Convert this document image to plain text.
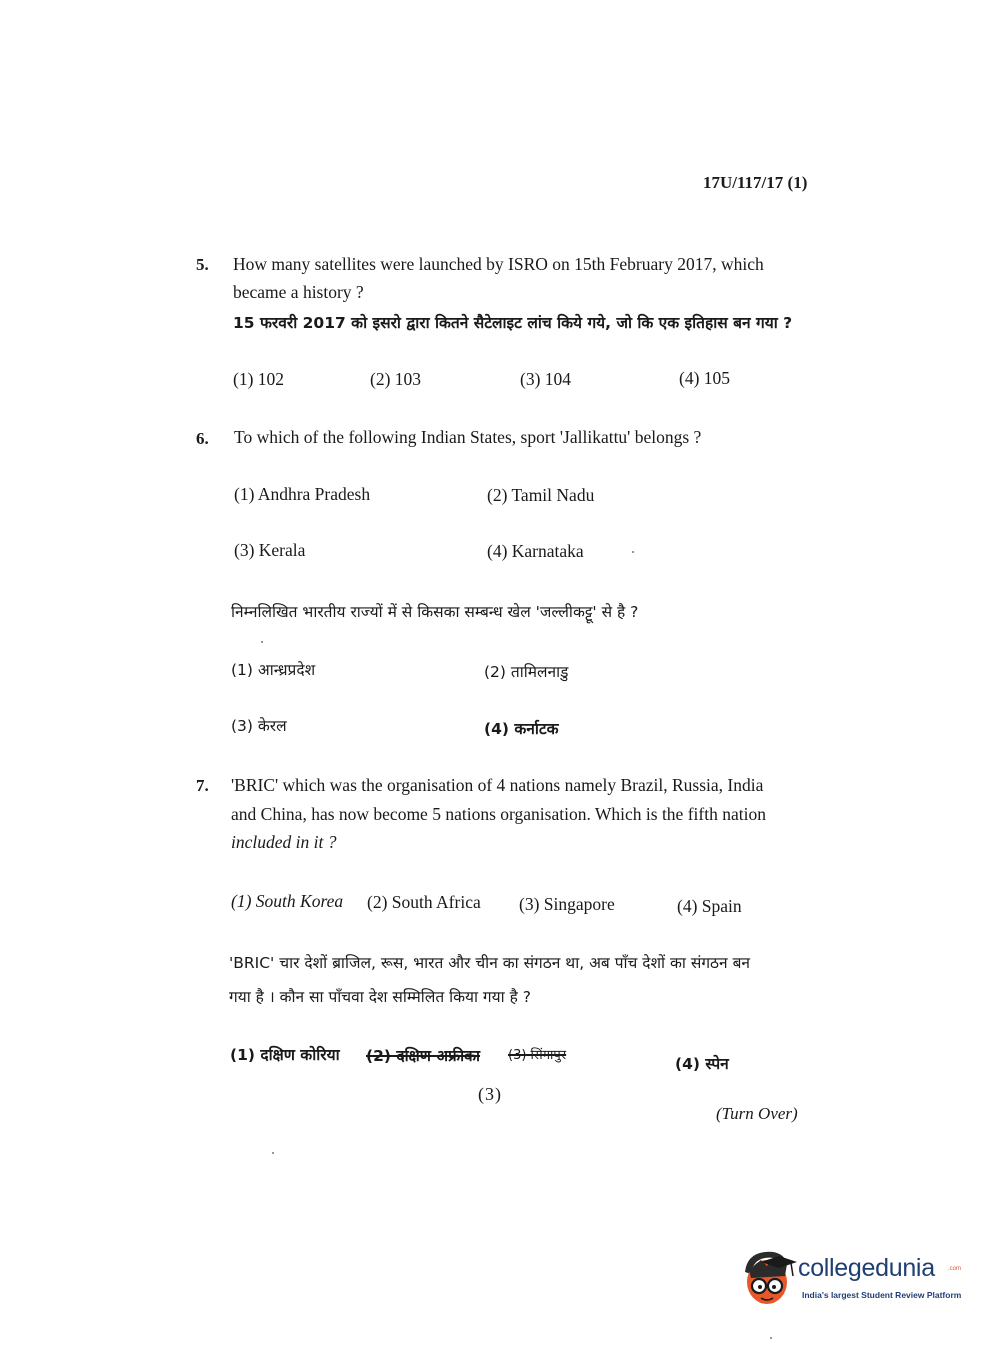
17U/117/17 (1)
5. How many satellites were launched by ISRO on 15th February 2017, which
became a history ?
15 फरवरी 2017 को इसरो द्वारा कितने सैटेलाइट लांच किये गये, जो कि एक इतिहास बन गया ?
(1) 102	(2) 103	(3) 104	(4) 105
6. To which of the following Indian States, sport 'Jallikattu' belongs ?
(1) Andhra Pradesh	(2) Tamil Nadu
(3) Kerala	(4) Karnataka
निम्नलिखित भारतीय राज्यों में से किसका सम्बन्ध खेल 'जल्लीकट्टू' से है ?
(1) आन्ध्रप्रदेश	(2) तामिलनाडु
(3) केरल	(4) कर्नाटक
7. 'BRIC' which was the organisation of 4 nations namely Brazil, Russia, India
and China, has now become 5 nations organisation. Which is the fifth nation
included in it ?
(1) South Korea (2) South Africa (3) Singapore	(4) Spain
'BRIC' चार देशों ब्राजिल, रूस, भारत और चीन का संगठन था, अब पाँच देशों का संगठन बन
गया है । कौन सा पाँचवा देश सम्मिलित किया गया है ?
(1) दक्षिण कोरिया (2) दक्षिण अफ्रीका (3) सिंगापुर	(4) स्पेन
(3)
(Turn Over)
collegedunia .com
India's largest Student Review Platform
